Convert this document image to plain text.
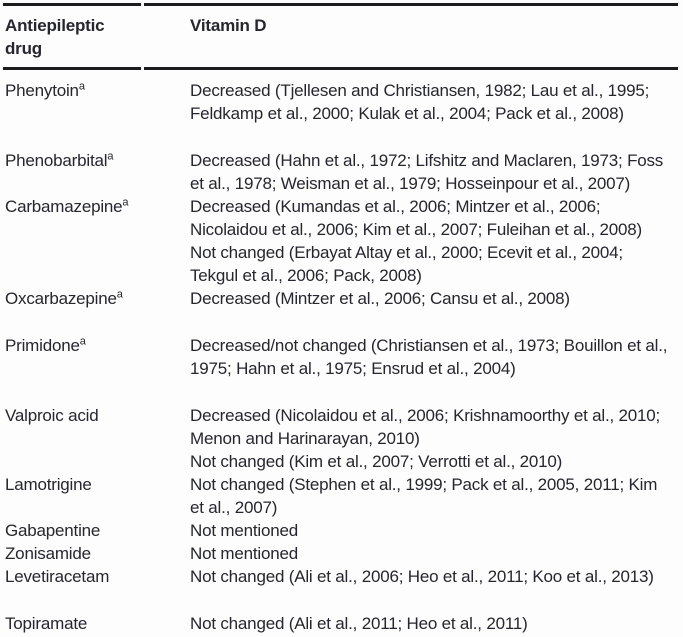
Antiepileptic drug	Vitamin D
Phenytoin$^a$	Decreased (Tjellesen and Christiansen, 1982; Lau et al., 1995; Feldkamp et al., 2000; Kulak et al., 2004; Pack et al., 2008)

Phenobarbital$^a$	Decreased (Hahn et al., 1972; Lifshitz and Maclaren, 1973; Foss et al., 1978; Weisman et al., 1979; Hosseinpour et al., 2007)

Carbamazepine$^a$	Decreased (Kumandas et al., 2006; Mintzer et al., 2006; Nicolaidou et al., 2006; Kim et al., 2007; Fuleihan et al., 2008)
Not changed (Erbayat Altay et al., 2000; Ecevit et al., 2004; Tekgul et al., 2006; Pack, 2008)

Oxcarbazepine$^a$	Decreased (Mintzer et al., 2006; Cansu et al., 2008)

Primidone$^a$	Decreased/not changed (Christiansen et al., 1973; Bouillon et al., 1975; Hahn et al., 1975; Ensrud et al., 2004)

Valproic acid	Decreased (Nicolaidou et al., 2006; Krishnamoorthy et al., 2010; Menon and Harinarayan, 2010)
Not changed (Kim et al., 2007; Verrotti et al., 2010)

Lamotrigine	Not changed (Stephen et al., 1999; Pack et al., 2005, 2011; Kim et al., 2007)

Gabapentine	Not mentioned

Zonisamide	Not mentioned

Levetiracetam	Not changed (Ali et al., 2006; Heo et al., 2011; Koo et al., 2013)

Topiramate	Not changed (Ali et al., 2011; Heo et al., 2011)
